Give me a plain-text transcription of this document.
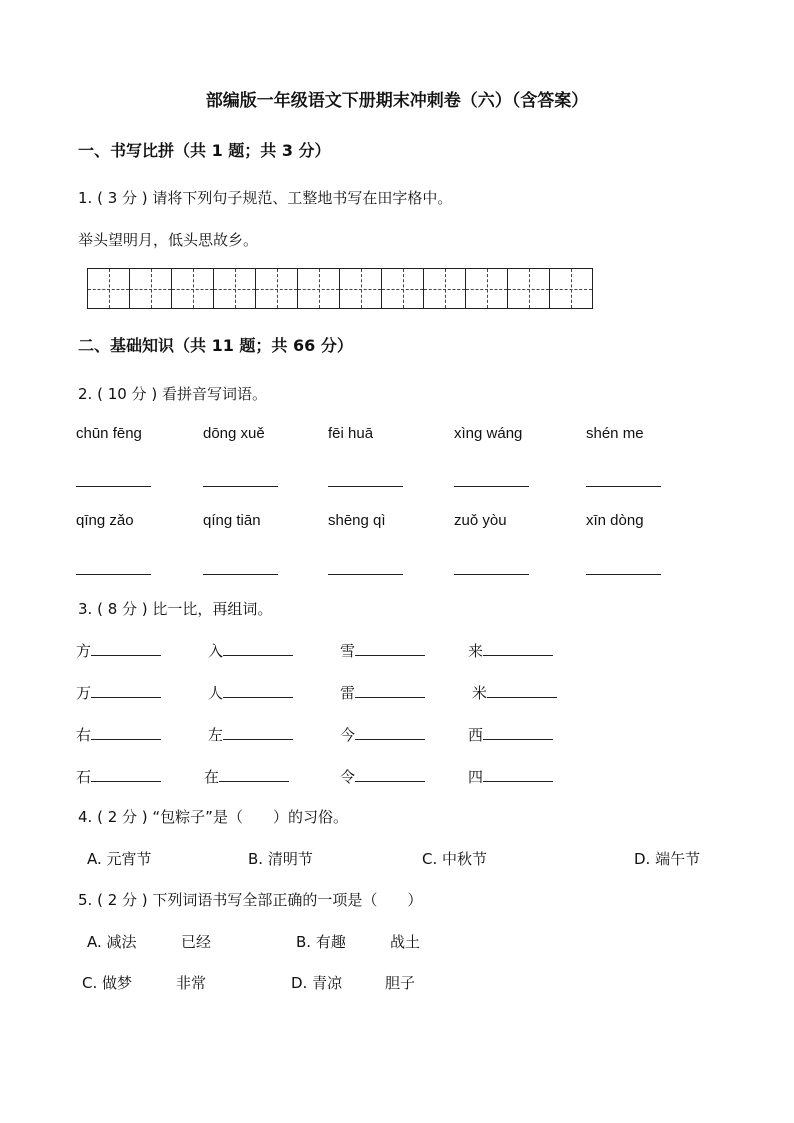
部编版一年级语文下册期末冲刺卷（六）（含答案）
一、书写比拼（共 1 题；共 3 分）
1. ( 3 分 ) 请将下列句子规范、工整地书写在田字格中。
举头望明月，低头思故乡。
二、基础知识（共 11 题；共 66 分）
2. ( 10 分 ) 看拼音写词语。
chūn fēng	dōng xuě	fēi huā	xìng wáng	shén me
qīng zǎo	qíng tiān	shēng qì	zuǒ yòu	xīn dòng
3. ( 8 分 ) 比一比，再组词。
方	入	雪	来
万	人	雷	米
右	左	今	西
石	在	令	四
4. ( 2 分 ) “包粽子”是（　　）的习俗。
A. 元宵节	B. 清明节	C. 中秋节	D. 端午节
5. ( 2 分 ) 下列词语书写全部正确的一项是（　　）
A. 减法	已经	B. 有趣	战土
C. 做梦	非常	D. 青凉	胆子
